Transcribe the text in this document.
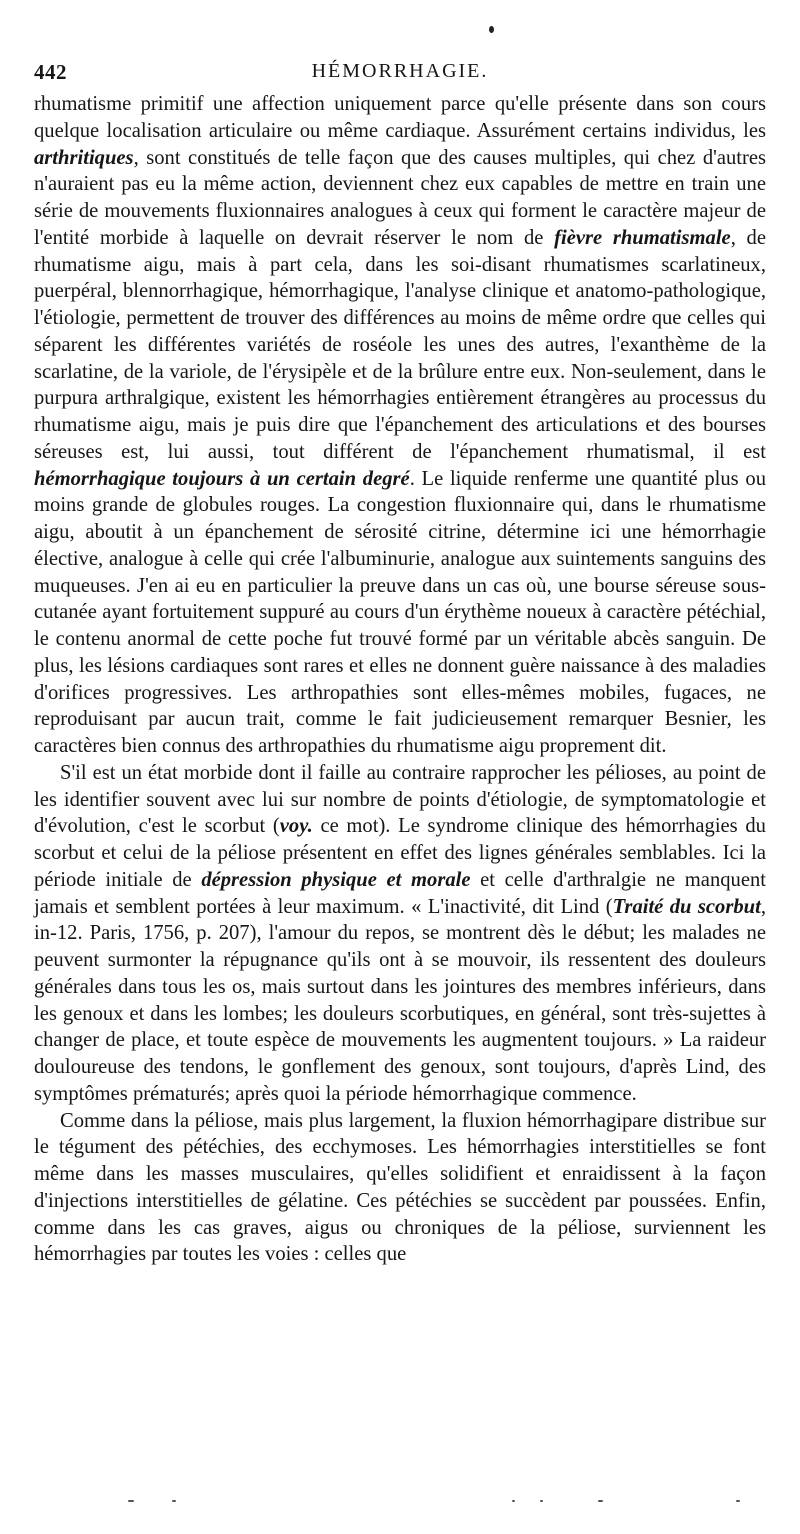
442	HÉMORRHAGIE.

rhumatisme primitif une affection uniquement parce qu'elle présente dans son cours quelque localisation articulaire ou même cardiaque. Assurément certains individus, les arthritiques, sont constitués de telle façon que des causes multiples, qui chez d'autres n'auraient pas eu la même action, deviennent chez eux capables de mettre en train une série de mouvements fluxionnaires analogues à ceux qui forment le caractère majeur de l'entité morbide à laquelle on devrait réserver le nom de fièvre rhumatismale, de rhumatisme aigu, mais à part cela, dans les soi-disant rhumatismes scarlatineux, puerpéral, blennorrhagique, hémorrhagique, l'analyse clinique et anatomo-pathologique, l'étiologie, permettent de trouver des différences au moins de même ordre que celles qui séparent les différentes variétés de roséole les unes des autres, l'exanthème de la scarlatine, de la variole, de l'érysipèle et de la brûlure entre eux. Non-seulement, dans le purpura arthralgique, existent les hémorrhagies entièrement étrangères au processus du rhumatisme aigu, mais je puis dire que l'épanchement des articulations et des bourses séreuses est, lui aussi, tout différent de l'épanchement rhumatismal, il est hémorrhagique toujours à un certain degré. Le liquide renferme une quantité plus ou moins grande de globules rouges. La congestion fluxionnaire qui, dans le rhumatisme aigu, aboutit à un épanchement de sérosité citrine, détermine ici une hémorrhagie élective, analogue à celle qui crée l'albuminurie, analogue aux suintements sanguins des muqueuses. J'en ai eu en particulier la preuve dans un cas où, une bourse séreuse sous-cutanée ayant fortuitement suppuré au cours d'un érythème noueux à caractère pétéchial, le contenu anormal de cette poche fut trouvé formé par un véritable abcès sanguin. De plus, les lésions cardiaques sont rares et elles ne donnent guère naissance à des maladies d'orifices progressives. Les arthropathies sont elles-mêmes mobiles, fugaces, ne reproduisant par aucun trait, comme le fait judicieusement remarquer Besnier, les caractères bien connus des arthropathies du rhumatisme aigu proprement dit.

S'il est un état morbide dont il faille au contraire rapprocher les pélioses, au point de les identifier souvent avec lui sur nombre de points d'étiologie, de symptomatologie et d'évolution, c'est le scorbut (voy. ce mot). Le syndrome clinique des hémorrhagies du scorbut et celui de la péliose présentent en effet des lignes générales semblables. Ici la période initiale de dépression physique et morale et celle d'arthralgie ne manquent jamais et semblent portées à leur maximum. « L'inactivité, dit Lind (Traité du scorbut, in-12. Paris, 1756, p. 207), l'amour du repos, se montrent dès le début; les malades ne peuvent surmonter la répugnance qu'ils ont à se mouvoir, ils ressentent des douleurs générales dans tous les os, mais surtout dans les jointures des membres inférieurs, dans les genoux et dans les lombes; les douleurs scorbutiques, en général, sont très-sujettes à changer de place, et toute espèce de mouvements les augmentent toujours. » La raideur douloureuse des tendons, le gonflement des genoux, sont toujours, d'après Lind, des symptômes prématurés; après quoi la période hémorrhagique commence.

Comme dans la péliose, mais plus largement, la fluxion hémorrhagipare distribue sur le tégument des pétéchies, des ecchymoses. Les hémorrhagies interstitielles se font même dans les masses musculaires, qu'elles solidifient et enraidissent à la façon d'injections interstitielles de gélatine. Ces pétéchies se succèdent par poussées. Enfin, comme dans les cas graves, aigus ou chroniques de la péliose, surviennent les hémorrhagies par toutes les voies : celles que
